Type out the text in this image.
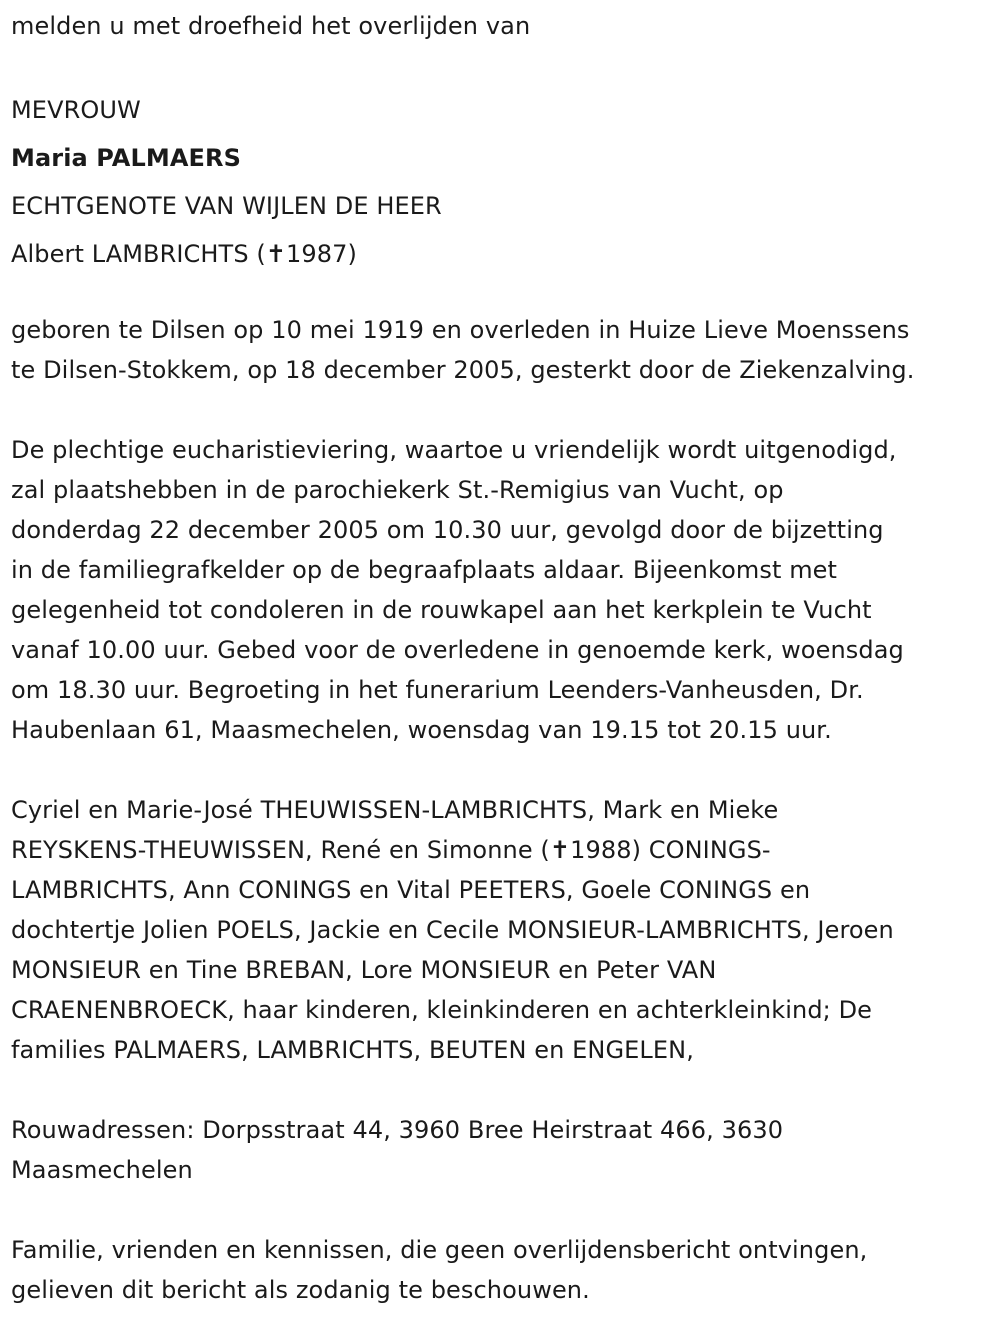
melden u met droefheid het overlijden van
MEVROUW
Maria PALMAERS
ECHTGENOTE VAN WIJLEN DE HEER
Albert LAMBRICHTS (✝1987)
geboren te Dilsen op 10 mei 1919 en overleden in Huize Lieve Moenssens
te Dilsen-Stokkem, op 18 december 2005, gesterkt door de Ziekenzalving.
De plechtige eucharistieviering, waartoe u vriendelijk wordt uitgenodigd,
zal plaatshebben in de parochiekerk St.-Remigius van Vucht, op
donderdag 22 december 2005 om 10.30 uur, gevolgd door de bijzetting
in de familiegrafkelder op de begraafplaats aldaar. Bijeenkomst met
gelegenheid tot condoleren in de rouwkapel aan het kerkplein te Vucht
vanaf 10.00 uur. Gebed voor de overledene in genoemde kerk, woensdag
om 18.30 uur. Begroeting in het funerarium Leenders-Vanheusden, Dr.
Haubenlaan 61, Maasmechelen, woensdag van 19.15 tot 20.15 uur.
Cyriel en Marie-José THEUWISSEN-LAMBRICHTS, Mark en Mieke
REYSKENS-THEUWISSEN, René en Simonne (✝1988) CONINGS-
LAMBRICHTS, Ann CONINGS en Vital PEETERS, Goele CONINGS en
dochtertje Jolien POELS, Jackie en Cecile MONSIEUR-LAMBRICHTS, Jeroen
MONSIEUR en Tine BREBAN, Lore MONSIEUR en Peter VAN
CRAENENBROECK, haar kinderen, kleinkinderen en achterkleinkind; De
families PALMAERS, LAMBRICHTS, BEUTEN en ENGELEN,
Rouwadressen: Dorpsstraat 44, 3960 Bree Heirstraat 466, 3630
Maasmechelen
Familie, vrienden en kennissen, die geen overlijdensbericht ontvingen,
gelieven dit bericht als zodanig te beschouwen.
